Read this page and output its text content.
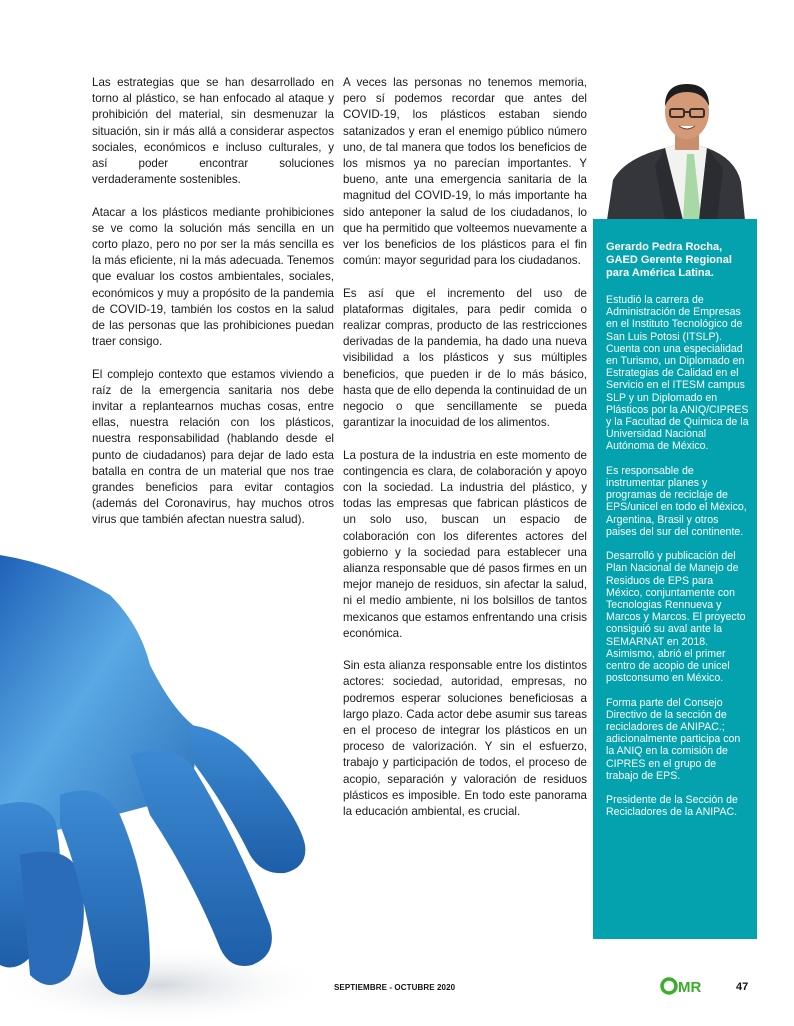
Las estrategias que se han desarrollado en torno al plástico, se han enfocado al ataque y prohibición del material, sin desmenuzar la situación, sin ir más allá a considerar aspectos sociales, económicos e incluso culturales, y así poder encontrar soluciones verdaderamente sostenibles.

Atacar a los plásticos mediante prohibiciones se ve como la solución más sencilla en un corto plazo, pero no por ser la más sencilla es la más eficiente, ni la más adecuada. Tenemos que evaluar los costos ambientales, sociales, económicos y muy a propósito de la pandemia de COVID-19, también los costos en la salud de las personas que las prohibiciones puedan traer consigo.

El complejo contexto que estamos viviendo a raíz de la emergencia sanitaria nos debe invitar a replantearnos muchas cosas, entre ellas, nuestra relación con los plásticos, nuestra responsabilidad (hablando desde el punto de ciudadanos) para dejar de lado esta batalla en contra de un material que nos trae grandes beneficios para evitar contagios (además del Coronavirus, hay muchos otros virus que también afectan nuestra salud).

A veces las personas no tenemos memoria, pero sí podemos recordar que antes del COVID-19, los plásticos estaban siendo satanizados y eran el enemigo público número uno, de tal manera que todos los beneficios de los mismos ya no parecían importantes. Y bueno, ante una emergencia sanitaria de la magnitud del COVID-19, lo más importante ha sido anteponer la salud de los ciudadanos, lo que ha permitido que volteemos nuevamente a ver los beneficios de los plásticos para el fin común: mayor seguridad para los ciudadanos.

Es así que el incremento del uso de plataformas digitales, para pedir comida o realizar compras, producto de las restricciones derivadas de la pandemia, ha dado una nueva visibilidad a los plásticos y sus múltiples beneficios, que pueden ir de lo más básico, hasta que de ello dependa la continuidad de un negocio o que sencillamente se pueda garantizar la inocuidad de los alimentos.

La postura de la industria en este momento de contingencia es clara, de colaboración y apoyo con la sociedad. La industria del plástico, y todas las empresas que fabrican plásticos de un solo uso, buscan un espacio de colaboración con los diferentes actores del gobierno y la sociedad para establecer una alianza responsable que dé pasos firmes en un mejor manejo de residuos, sin afectar la salud, ni el medio ambiente, ni los bolsillos de tantos mexicanos que estamos enfrentando una crisis económica.

Sin esta alianza responsable entre los distintos actores: sociedad, autoridad, empresas, no podremos esperar soluciones beneficiosas a largo plazo. Cada actor debe asumir sus tareas en el proceso de integrar los plásticos en un proceso de valorización. Y sin el esfuerzo, trabajo y participación de todos, el proceso de acopio, separación y valoración de residuos plásticos es imposible. En todo este panorama la educación ambiental, es crucial.

Gerardo Pedra Rocha, GAED Gerente Regional para América Latina.

Estudió la carrera de Administración de Empresas en el Instituto Tecnológico de San Luis Potosi (ITSLP). Cuenta con una especialidad en Turismo, un Diplomado en Estrategias de Calidad en el Servicio en el ITESM campus SLP y un Diplomado en Plásticos por la ANIQ/CIPRES y la Facultad de Quimica de la Universidad Nacional Autónoma de México.

Es responsable de instrumentar planes y programas de reciclaje de EPS/unicel en todo el México, Argentina, Brasil y otros paises del sur del continente.

Desarrolló y publicación del Plan Nacional de Manejo de Residuos de EPS para México, conjuntamente con Tecnologias Rennueva y Marcos y Marcos. El proyecto consiguió su aval ante la SEMARNAT en 2018. Asimismo, abrió el primer centro de acopio de unicel postconsumo en México.

Forma parte del Consejo Directivo de la sección de recicladores de ANIPAC.; adicionalmente participa con la ANIQ en la comisión de CIPRES en el grupo de trabajo de EPS.

Presidente de la Sección de Recicladores de la ANIPAC.

SEPTIEMBRE - OCTUBRE 2020	MR	47
